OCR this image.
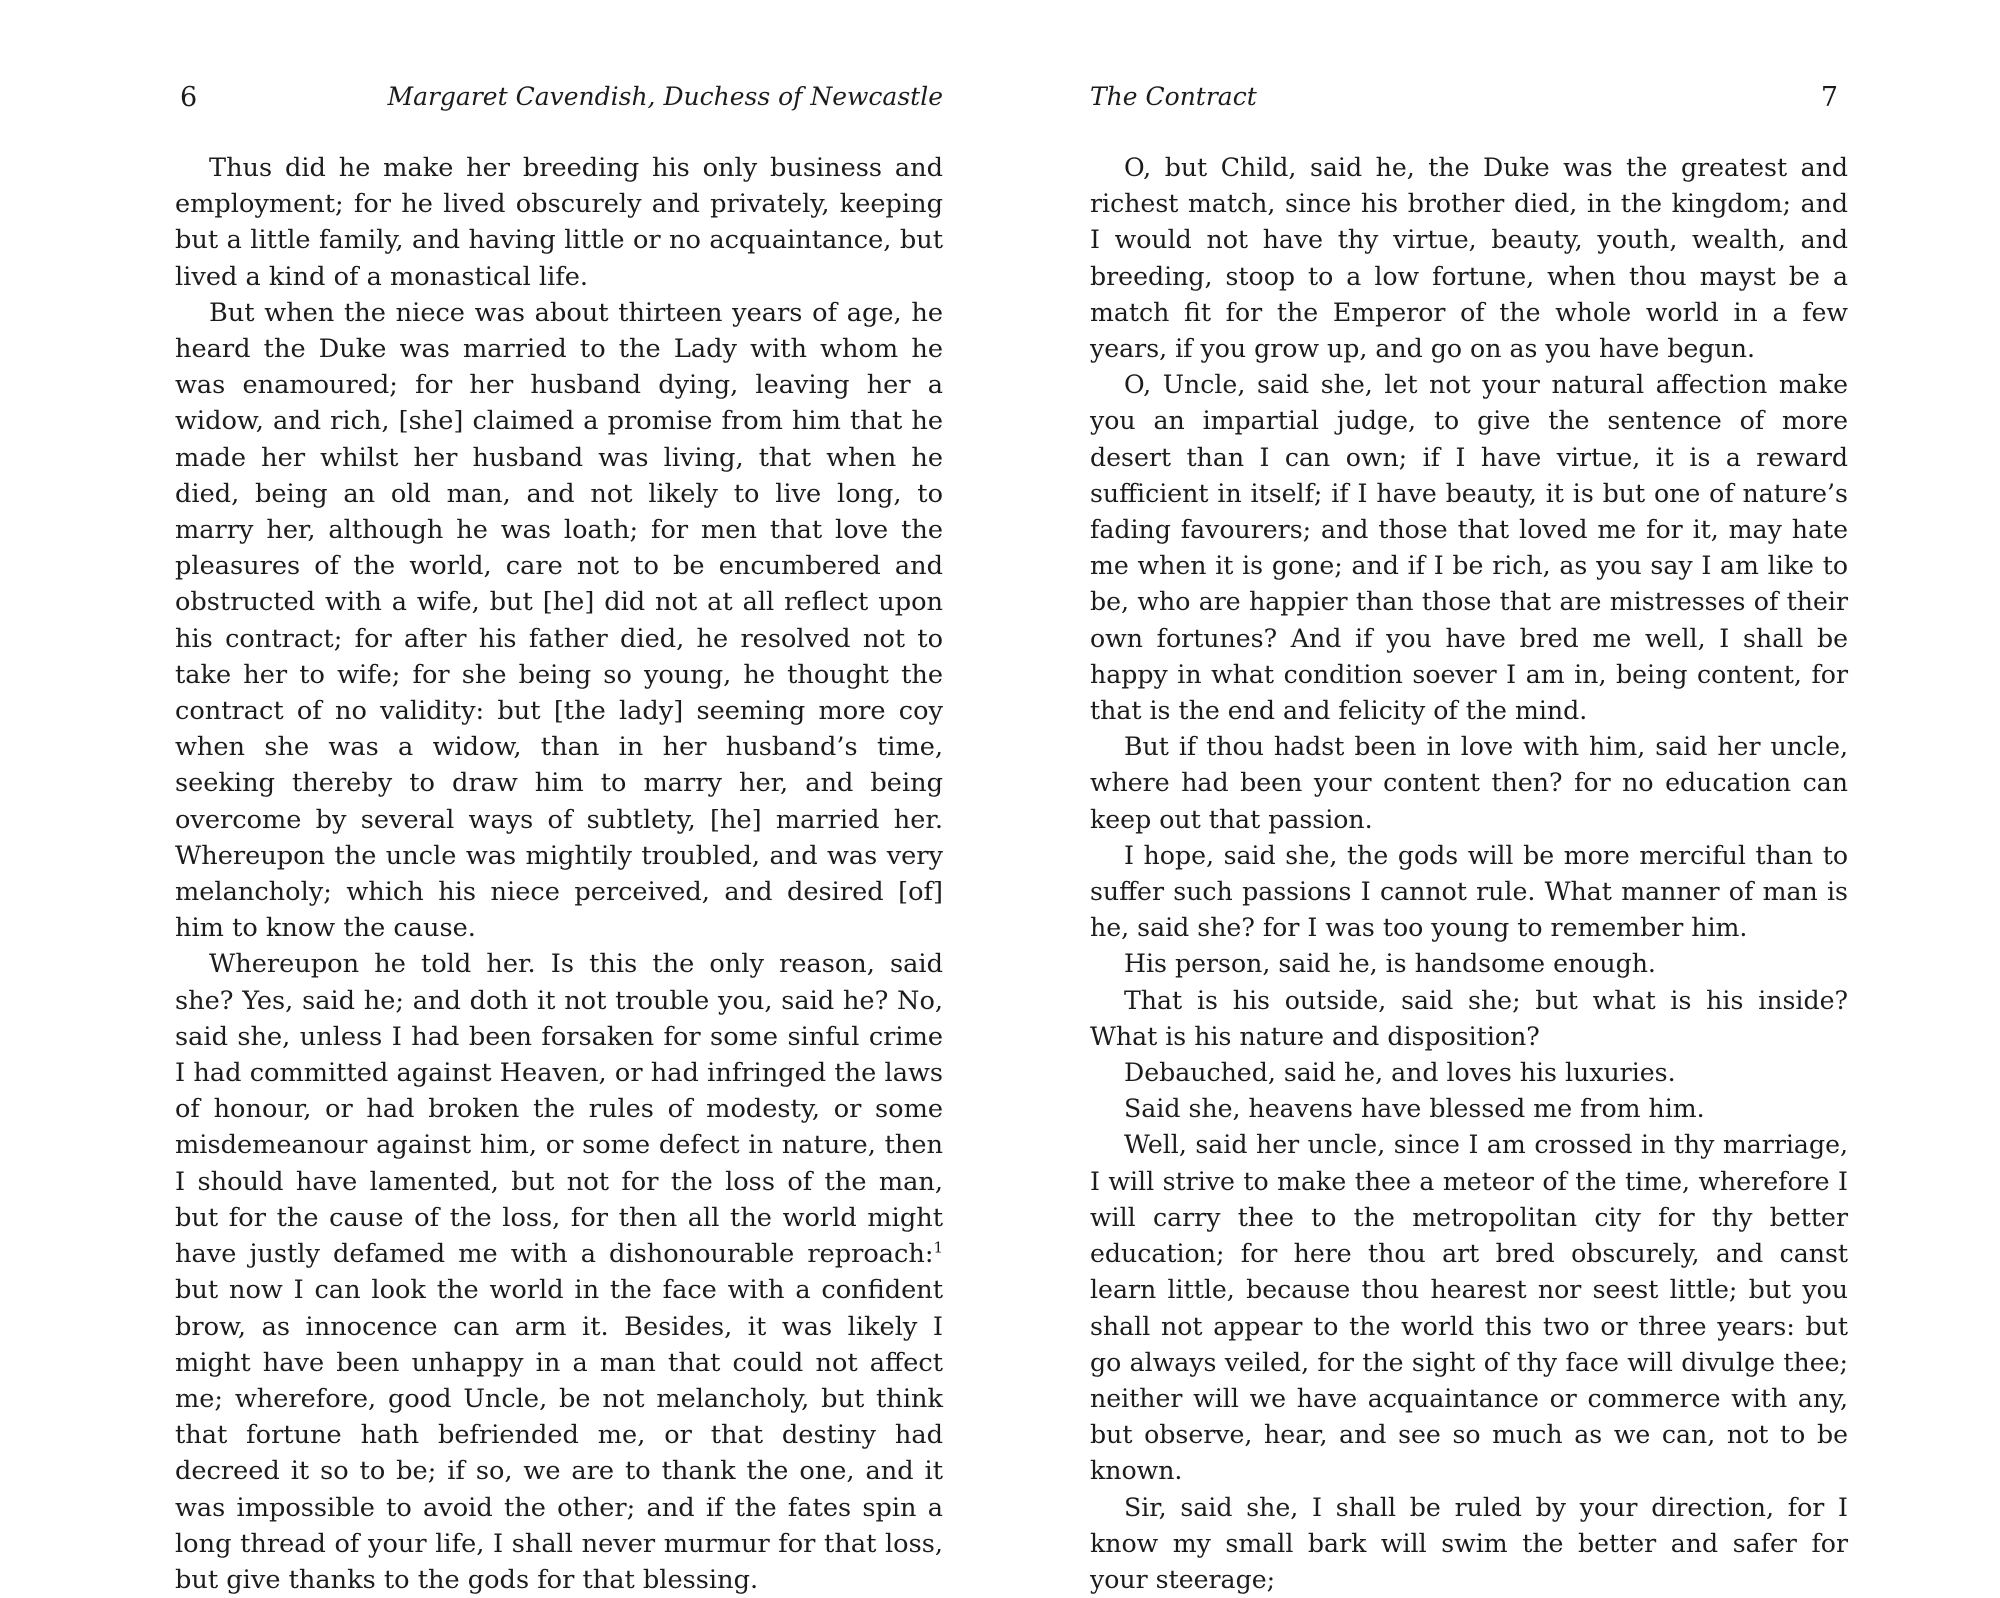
6	Margaret Cavendish, Duchess of Newcastle

Thus did he make her breeding his only business and employment; for he lived obscurely and privately, keeping but a little family, and having little or no acquaintance, but lived a kind of a monastical life.

But when the niece was about thirteen years of age, he heard the Duke was married to the Lady with whom he was enamoured; for her husband dying, leaving her a widow, and rich, [she] claimed a promise from him that he made her whilst her husband was living, that when he died, being an old man, and not likely to live long, to marry her, although he was loath; for men that love the pleasures of the world, care not to be encumbered and obstructed with a wife, but [he] did not at all reflect upon his contract; for after his father died, he resolved not to take her to wife; for she being so young, he thought the contract of no validity: but [the lady] seeming more coy when she was a widow, than in her husband’s time, seeking thereby to draw him to marry her, and being overcome by several ways of subtlety, [he] married her. Whereupon the uncle was mightily troubled, and was very melancholy; which his niece perceived, and desired [of] him to know the cause.

Whereupon he told her. Is this the only reason, said she? Yes, said he; and doth it not trouble you, said he? No, said she, unless I had been forsaken for some sinful crime I had committed against Heaven, or had infringed the laws of honour, or had broken the rules of modesty, or some misdemeanour against him, or some defect in nature, then I should have lamented, but not for the loss of the man, but for the cause of the loss, for then all the world might have justly defamed me with a dishonourable reproach:$^1$ but now I can look the world in the face with a confident brow, as innocence can arm it. Besides, it was likely I might have been unhappy in a man that could not affect me; wherefore, good Uncle, be not melancholy, but think that fortune hath befriended me, or that destiny had decreed it so to be; if so, we are to thank the one, and it was impossible to avoid the other; and if the fates spin a long thread of your life, I shall never murmur for that loss, but give thanks to the gods for that blessing.

The Contract	7

O, but Child, said he, the Duke was the greatest and richest match, since his brother died, in the kingdom; and I would not have thy virtue, beauty, youth, wealth, and breeding, stoop to a low fortune, when thou mayst be a match fit for the Emperor of the whole world in a few years, if you grow up, and go on as you have begun.

O, Uncle, said she, let not your natural affection make you an impartial judge, to give the sentence of more desert than I can own; if I have virtue, it is a reward sufficient in itself; if I have beauty, it is but one of nature’s fading favourers; and those that loved me for it, may hate me when it is gone; and if I be rich, as you say I am like to be, who are happier than those that are mistresses of their own fortunes? And if you have bred me well, I shall be happy in what condition soever I am in, being content, for that is the end and felicity of the mind.

But if thou hadst been in love with him, said her uncle, where had been your content then? for no education can keep out that passion.

I hope, said she, the gods will be more merciful than to suffer such passions I cannot rule. What manner of man is he, said she? for I was too young to remember him.

His person, said he, is handsome enough.

That is his outside, said she; but what is his inside? What is his nature and disposition?

Debauched, said he, and loves his luxuries.

Said she, heavens have blessed me from him.

Well, said her uncle, since I am crossed in thy marriage, I will strive to make thee a meteor of the time, wherefore I will carry thee to the metropolitan city for thy better education; for here thou art bred obscurely, and canst learn little, because thou hearest nor seest little; but you shall not appear to the world this two or three years: but go always veiled, for the sight of thy face will divulge thee; neither will we have acquaintance or commerce with any, but observe, hear, and see so much as we can, not to be known.

Sir, said she, I shall be ruled by your direction, for I know my small bark will swim the better and safer for your steerage;
